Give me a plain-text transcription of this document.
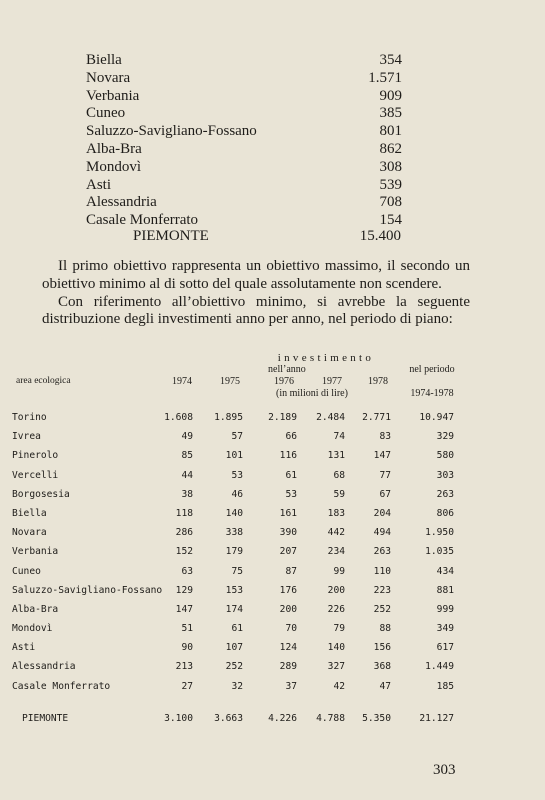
Biella	354
Novara	1.571
Verbania	909
Cuneo	385
Saluzzo-Savigliano-Fossano	801
Alba-Bra	862
Mondovì	308
Asti	539
Alessandria	708
Casale Monferrato	154
PIEMONTE	15.400

Il primo obiettivo rappresenta un obiettivo massimo, il secondo un obiettivo minimo al di sotto del quale assolutamente non scendere.

Con riferimento all’obiettivo minimo, si avrebbe la seguente distribuzione degli investimenti anno per anno, nel periodo di piano:

investimento
nell’anno	nel periodo
1974-1978
area ecologica	1974	1975	1976	1977	1978
(in milioni di lire)
Torino	1.608	1.895	2.189	2.484	2.771	10.947
Ivrea	49	57	66	74	83	329
Pinerolo	85	101	116	131	147	580
Vercelli	44	53	61	68	77	303
Borgosesia	38	46	53	59	67	263
Biella	118	140	161	183	204	806
Novara	286	338	390	442	494	1.950
Verbania	152	179	207	234	263	1.035
Cuneo	63	75	87	99	110	434
Saluzzo-Savigliano-Fossano	129	153	176	200	223	881
Alba-Bra	147	174	200	226	252	999
Mondovì	51	61	70	79	88	349
Asti	90	107	124	140	156	617
Alessandria	213	252	289	327	368	1.449
Casale Monferrato	27	32	37	42	47	185
PIEMONTE	3.100	3.663	4.226	4.788	5.350	21.127
303
